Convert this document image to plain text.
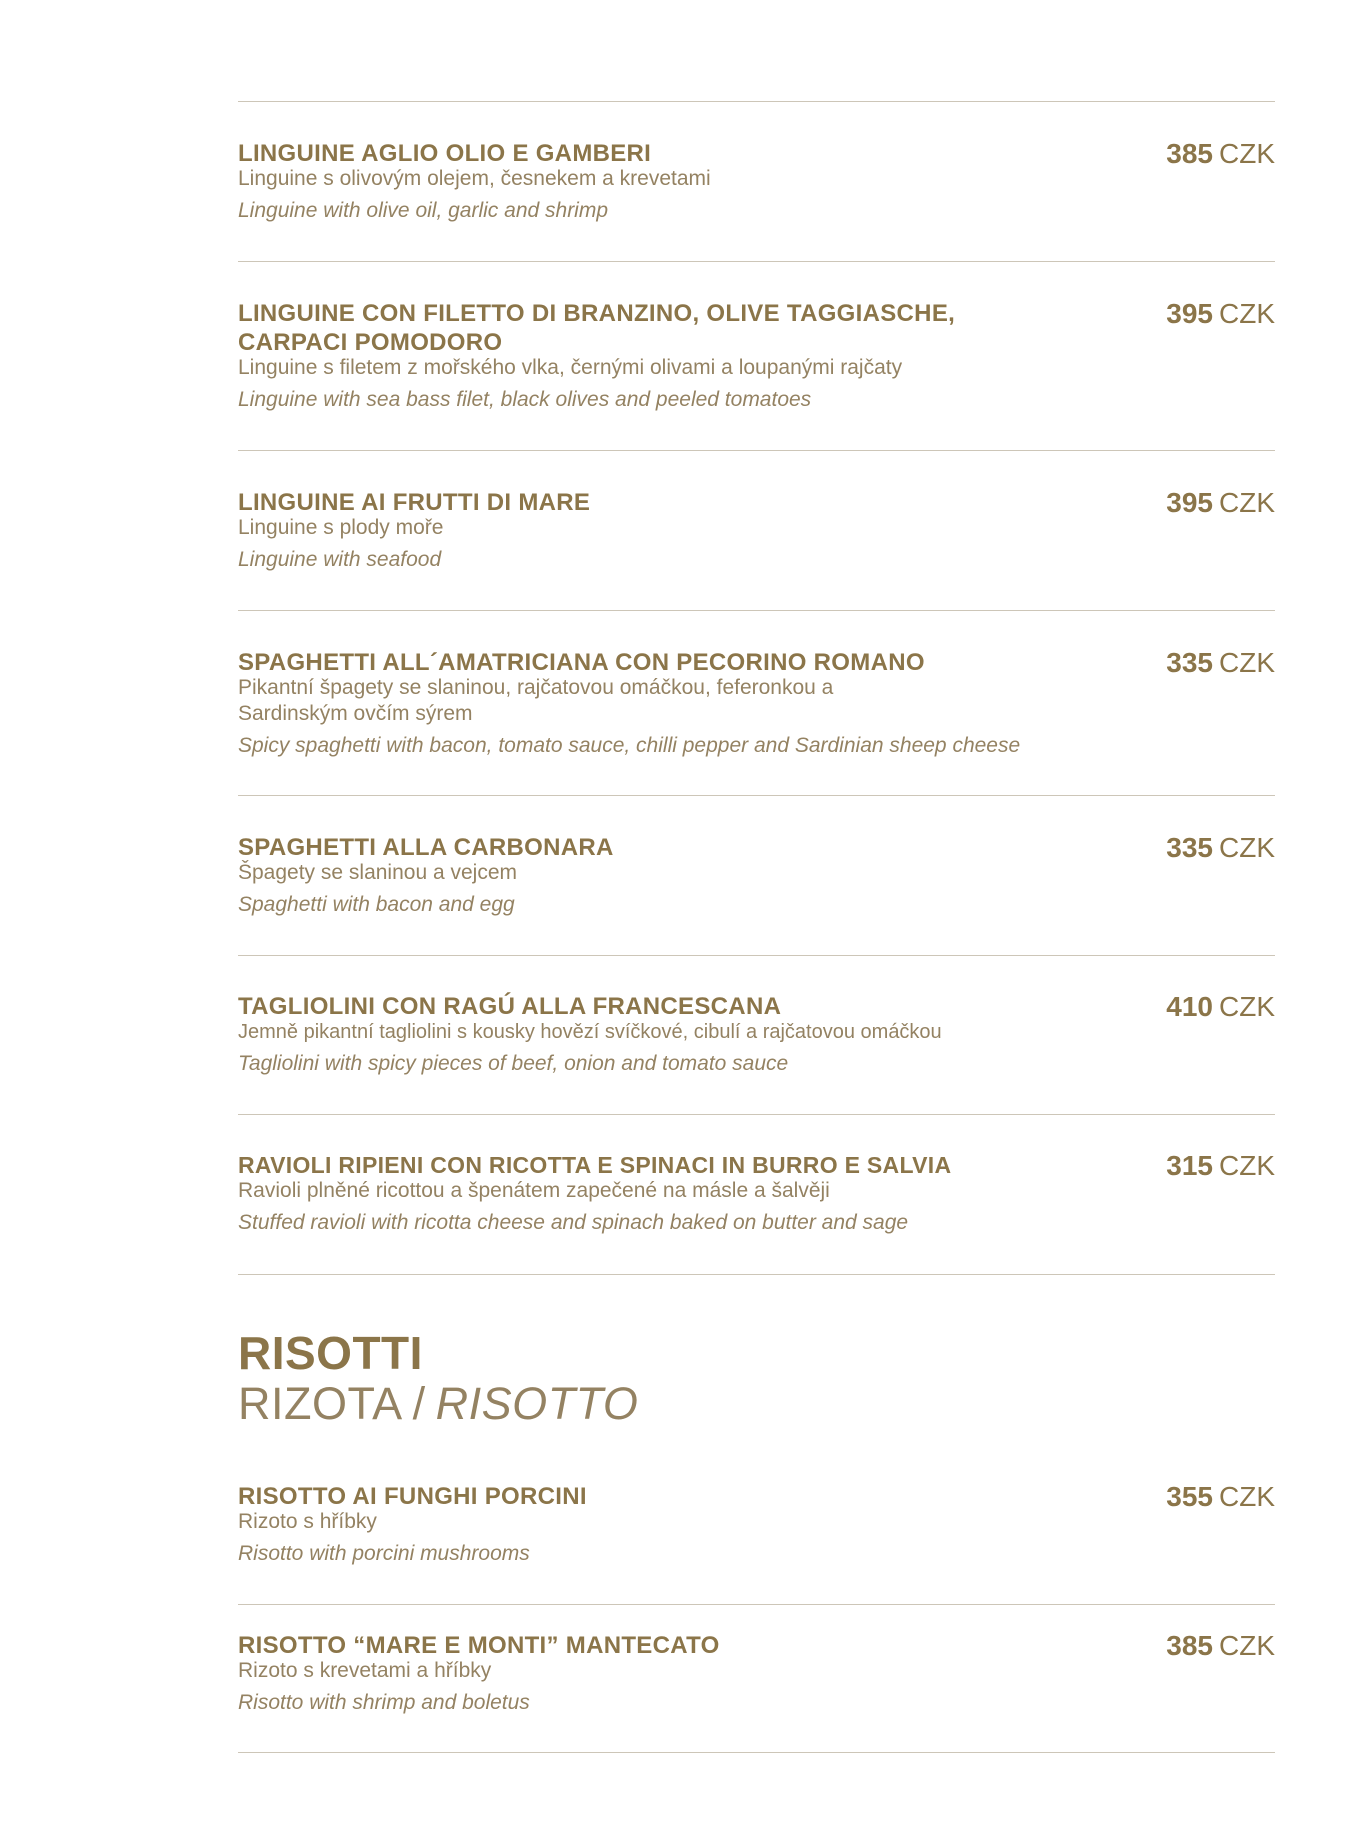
LINGUINE AGLIO OLIO E GAMBERI
Linguine s olivovým olejem, česnekem a krevetami
Linguine with olive oil, garlic and shrimp
385 CZK
LINGUINE CON FILETTO DI BRANZINO, OLIVE TAGGIASCHE, CARPACI POMODORO
Linguine s filetem z mořského vlka, černými olivami a loupanými rajčaty
Linguine with sea bass filet, black olives and peeled tomatoes
395 CZK
LINGUINE AI FRUTTI DI MARE
Linguine s plody moře
Linguine with seafood
395 CZK
SPAGHETTI ALL´AMATRICIANA CON PECORINO ROMANO
Pikantní špagety se slaninou, rajčatovou omáčkou, feferonkou a Sardinským ovčím sýrem
Spicy spaghetti with bacon, tomato sauce, chilli pepper and Sardinian sheep cheese
335 CZK
SPAGHETTI ALLA CARBONARA
Špagety se slaninou a vejcem
Spaghetti with bacon and egg
335 CZK
TAGLIOLINI CON RAGÚ ALLA FRANCESCANA
Jemně pikantní tagliolini s kousky hovězí svíčkové, cibulí a rajčatovou omáčkou
Tagliolini with spicy pieces of beef, onion and tomato sauce
410 CZK
RAVIOLI RIPIENI CON RICOTTA E SPINACI IN BURRO E SALVIA
Ravioli plněné ricottou a špenátem zapečené na másle a šalvěji
Stuffed ravioli with ricotta cheese and spinach baked on butter and sage
315 CZK
RISOTTI
RIZOTA / RISOTTO
RISOTTO AI FUNGHI PORCINI
Rizoto s hříbky
Risotto with porcini mushrooms
355 CZK
RISOTTO “MARE E MONTI” MANTECATO
Rizoto s krevetami a hříbky
Risotto with shrimp and boletus
385 CZK
